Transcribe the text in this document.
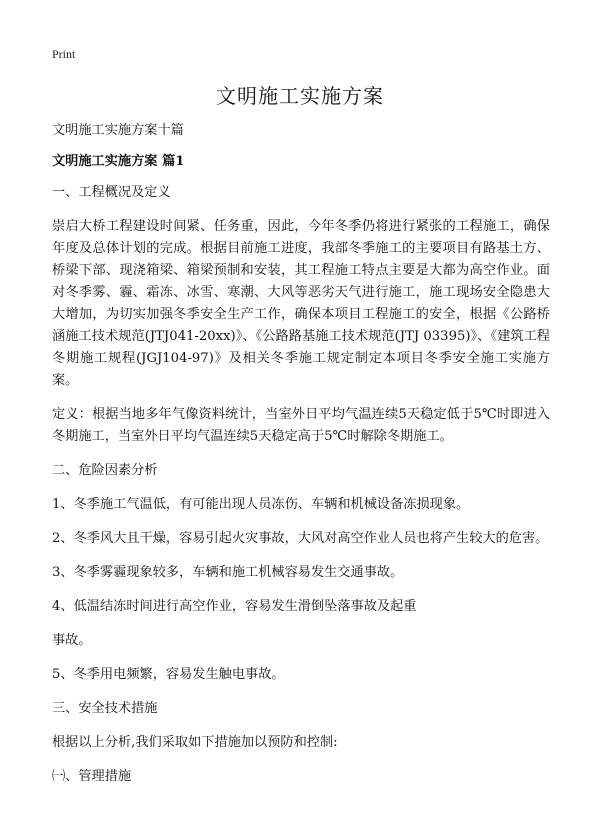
Print
文明施工实施方案

文明施工实施方案十篇

文明施工实施方案 篇1

一、工程概况及定义

崇启大桥工程建设时间紧、任务重，因此，今年冬季仍将进行紧张的工程施工，确保年度及总体计划的完成。根据目前施工进度，我部冬季施工的主要项目有路基土方、桥梁下部、现浇箱梁、箱梁预制和安装，其工程施工特点主要是大都为高空作业。面对冬季雾、霾、霜冻、冰雪、寒潮、大风等恶劣天气进行施工，施工现场安全隐患大大增加，为切实加强冬季安全生产工作，确保本项目工程施工的安全，根据《公路桥涵施工技术规范(JTJ041-20xx)》、《公路路基施工技术规范(JTJ 03395)》、《建筑工程冬期施工规程(JGJ104-97)》及相关冬季施工规定制定本项目冬季安全施工实施方案。

定义：根据当地多年气像资料统计，当室外日平均气温连续5天稳定低于5℃时即进入冬期施工，当室外日平均气温连续5天稳定高于5℃时解除冬期施工。

二、危险因素分析

1、冬季施工气温低，有可能出现人员冻伤、车辆和机械设备冻损现象。

2、冬季风大且干燥，容易引起火灾事故，大风对高空作业人员也将产生较大的危害。

3、冬季雾霾现象较多，车辆和施工机械容易发生交通事故。

4、低温结冻时间进行高空作业，容易发生滑倒坠落事故及起重

事故。

5、冬季用电频繁，容易发生触电事故。

三、安全技术措施

根据以上分析,我们采取如下措施加以预防和控制:

㈠、管理措施
